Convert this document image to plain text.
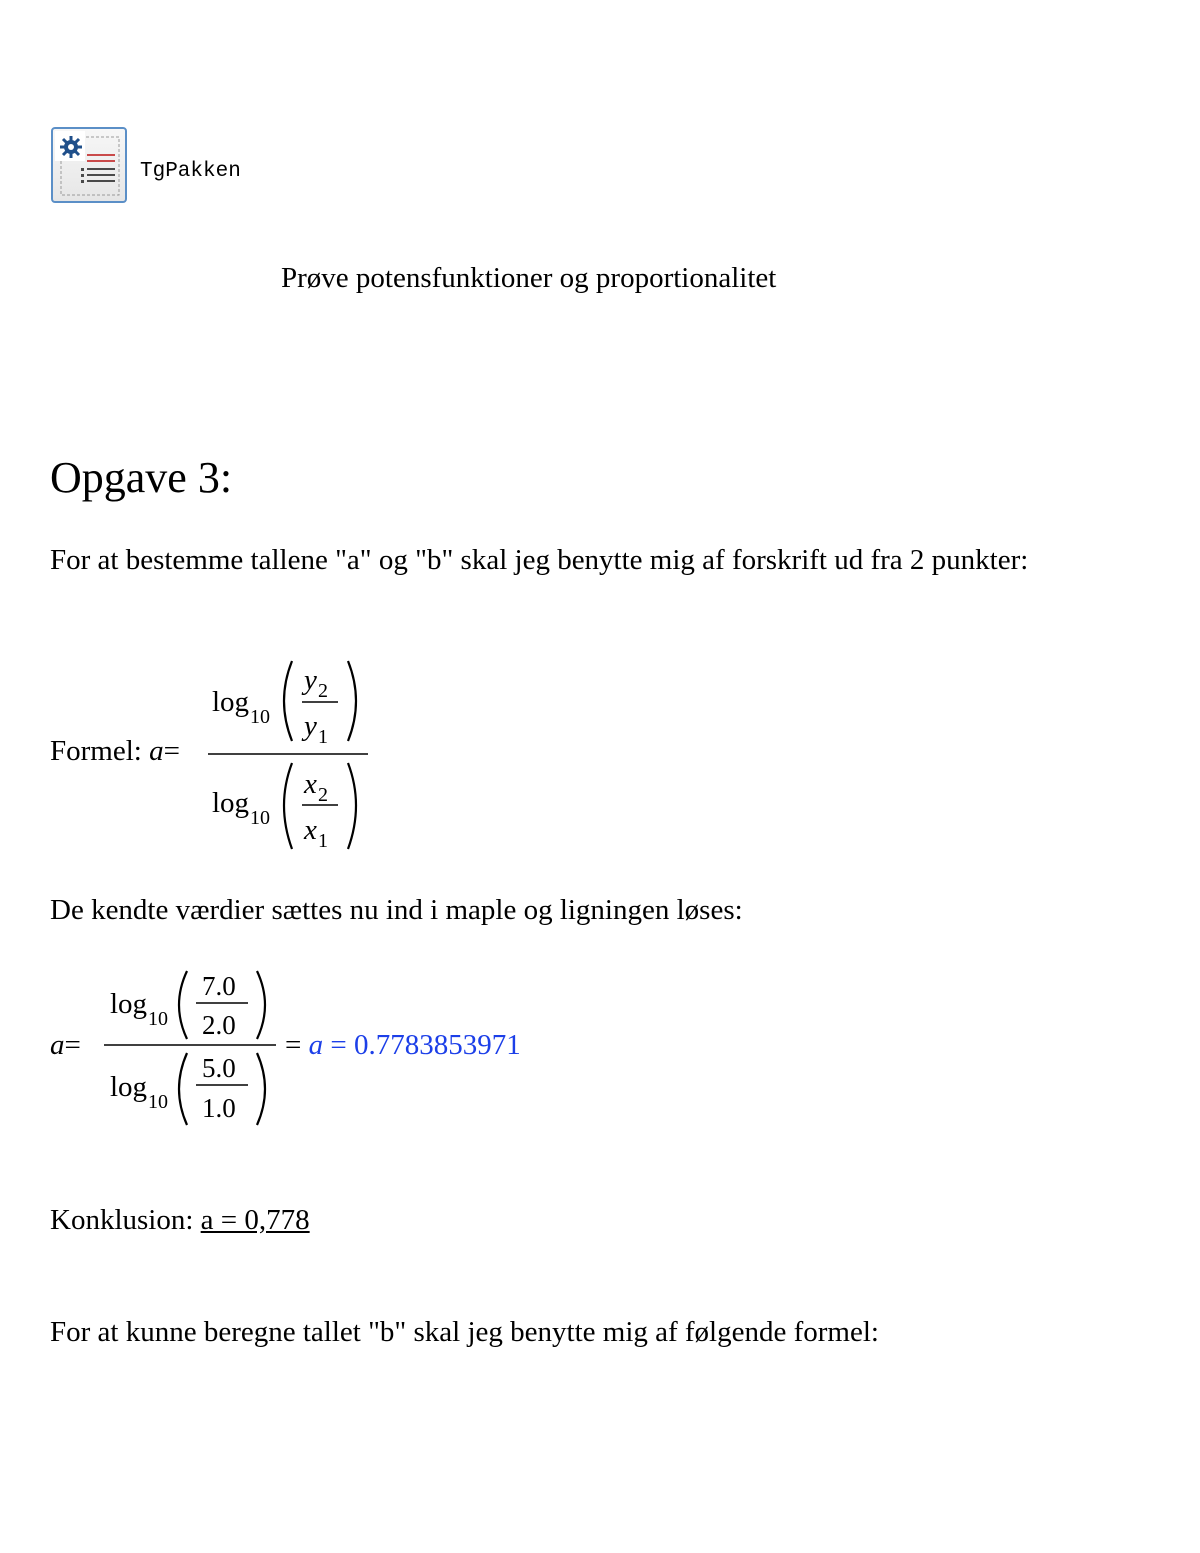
TgPakken
Prøve potensfunktioner og proportionalitet
Opgave 3:
For at bestemme tallene "a" og "b" skal jeg benytte mig af forskrift ud fra 2 punkter:
Formel: a=
log 10
y 2
y 1
log 10
x 2
x 1
De kendte værdier sættes nu ind i maple og ligningen løses:
a=
log 10
7.0
2.0
log 10
5.0
1.0
= a = 0.7783853971
Konklusion: a = 0,778
For at kunne beregne tallet "b" skal jeg benytte mig af følgende formel:
